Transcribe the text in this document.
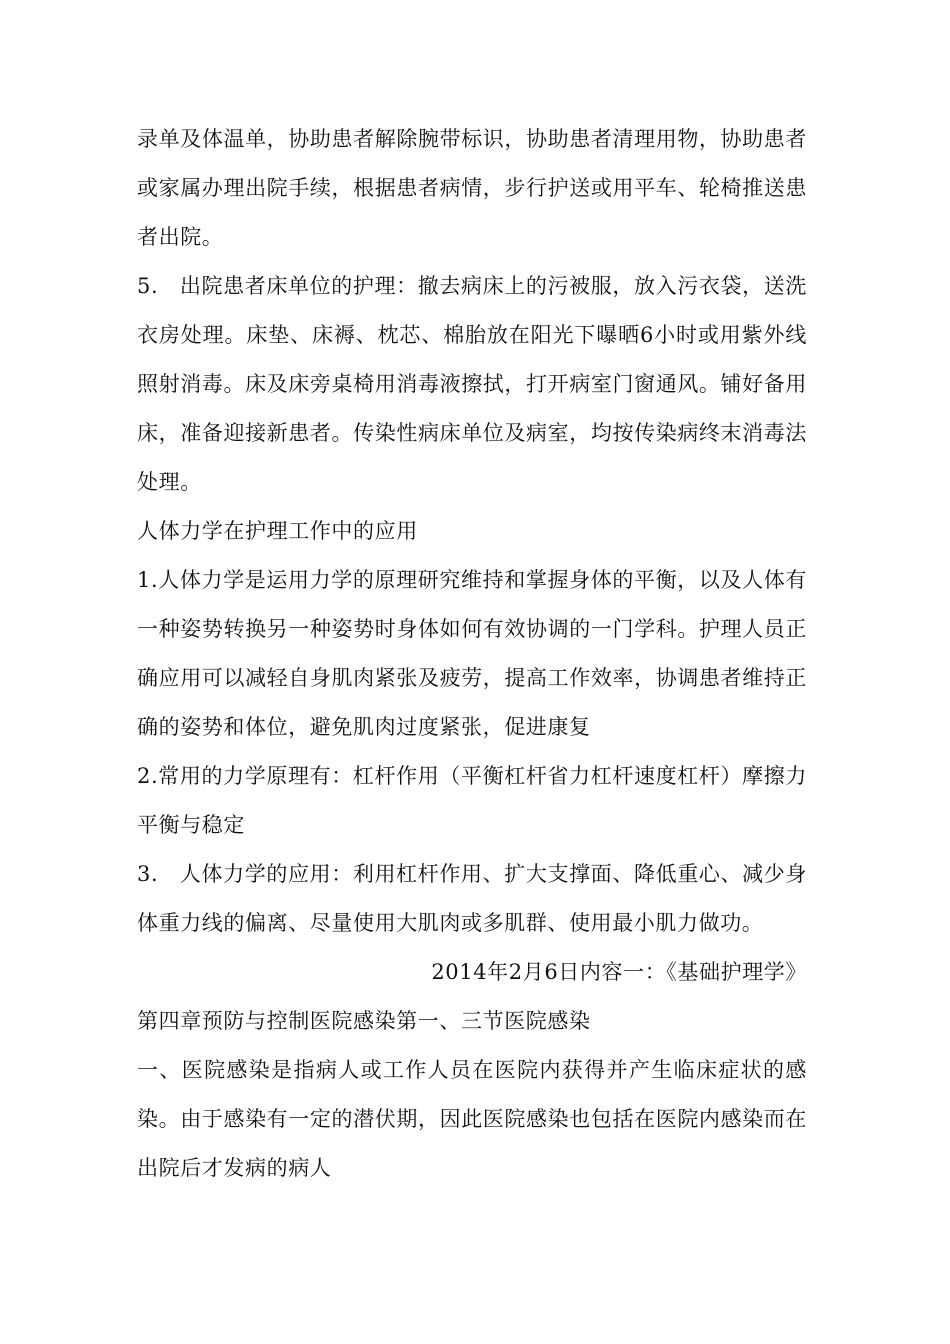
录单及体温单，协助患者解除腕带标识，协助患者清理用物，协助患者或家属办理出院手续，根据患者病情，步行护送或用平车、轮椅推送患者出院。

5.　出院患者床单位的护理：撤去病床上的污被服，放入污衣袋，送洗衣房处理。床垫、床褥、枕芯、棉胎放在阳光下曝晒6小时或用紫外线照射消毒。床及床旁桌椅用消毒液擦拭，打开病室门窗通风。铺好备用床，准备迎接新患者。传染性病床单位及病室，均按传染病终末消毒法处理。

人体力学在护理工作中的应用

1.人体力学是运用力学的原理研究维持和掌握身体的平衡，以及人体有一种姿势转换另一种姿势时身体如何有效协调的一门学科。护理人员正确应用可以减轻自身肌肉紧张及疲劳，提高工作效率，协调患者维持正确的姿势和体位，避免肌肉过度紧张，促进康复

2.常用的力学原理有：杠杆作用（平衡杠杆省力杠杆速度杠杆）摩擦力平衡与稳定

3.　人体力学的应用：利用杠杆作用、扩大支撑面、降低重心、减少身体重力线的偏离、尽量使用大肌肉或多肌群、使用最小肌力做功。

2014年2月6日内容一：《基础护理学》

第四章预防与控制医院感染第一、三节医院感染

一、医院感染是指病人或工作人员在医院内获得并产生临床症状的感染。由于感染有一定的潜伏期，因此医院感染也包括在医院内感染而在出院后才发病的病人
